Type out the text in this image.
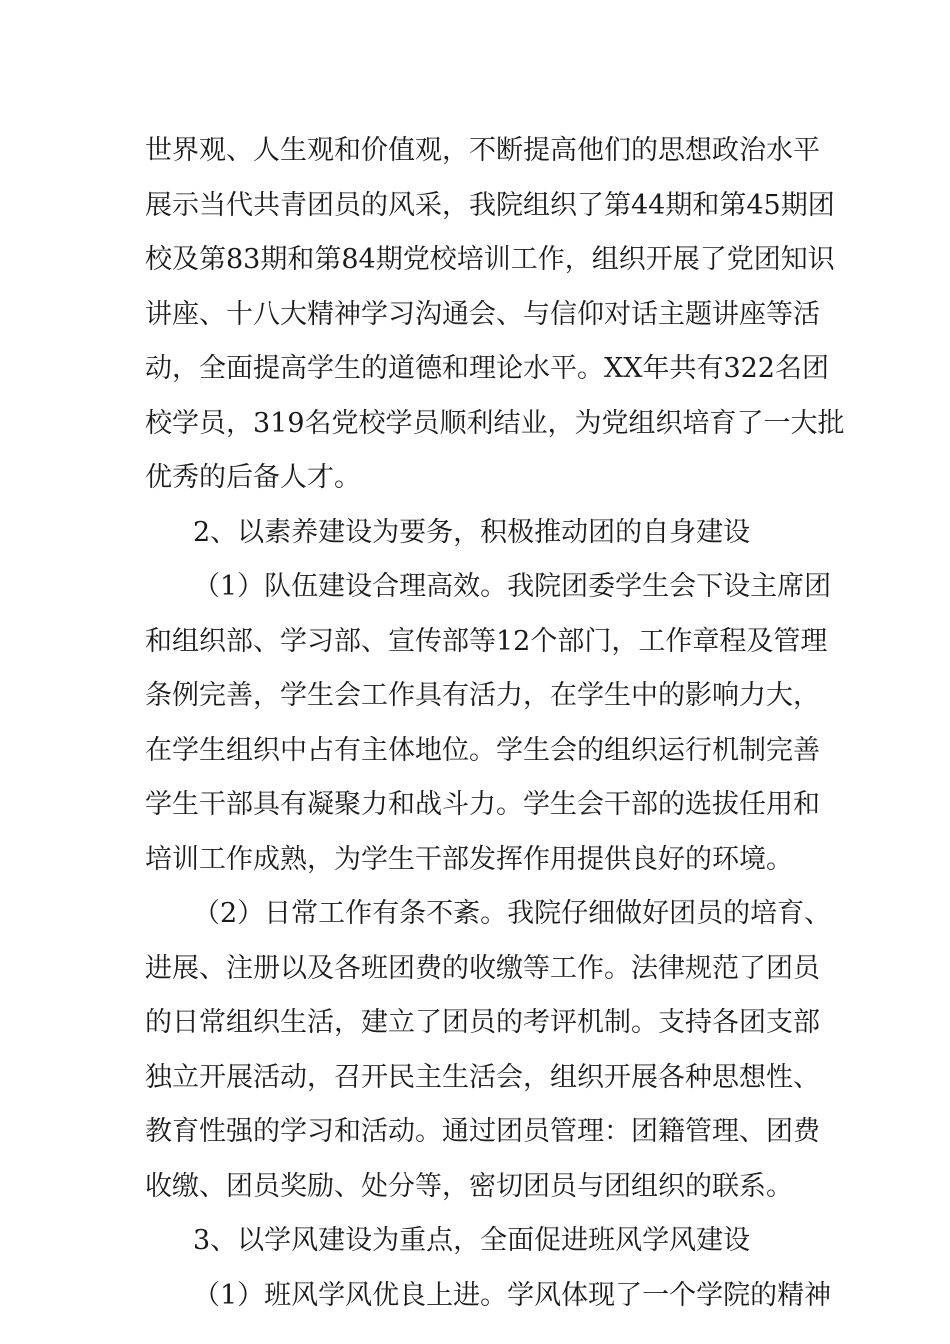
世界观、人生观和价值观，不断提高他们的思想政治水平
展示当代共青团员的风采，我院组织了第44期和第45期团
校及第83期和第84期党校培训工作，组织开展了党团知识
讲座、十八大精神学习沟通会、与信仰对话主题讲座等活
动，全面提高学生的道德和理论水平。XX年共有322名团
校学员，319名党校学员顺利结业，为党组织培育了一大批
优秀的后备人才。
2、以素养建设为要务，积极推动团的自身建设
（1）队伍建设合理高效。我院团委学生会下设主席团
和组织部、学习部、宣传部等12个部门，工作章程及管理
条例完善，学生会工作具有活力，在学生中的影响力大，
在学生组织中占有主体地位。学生会的组织运行机制完善
学生干部具有凝聚力和战斗力。学生会干部的选拔任用和
培训工作成熟，为学生干部发挥作用提供良好的环境。
（2）日常工作有条不紊。我院仔细做好团员的培育、
进展、注册以及各班团费的收缴等工作。法律规范了团员
的日常组织生活，建立了团员的考评机制。支持各团支部
独立开展活动，召开民主生活会，组织开展各种思想性、
教育性强的学习和活动。通过团员管理：团籍管理、团费
收缴、团员奖励、处分等，密切团员与团组织的联系。
3、以学风建设为重点，全面促进班风学风建设
（1）班风学风优良上进。学风体现了一个学院的精神
